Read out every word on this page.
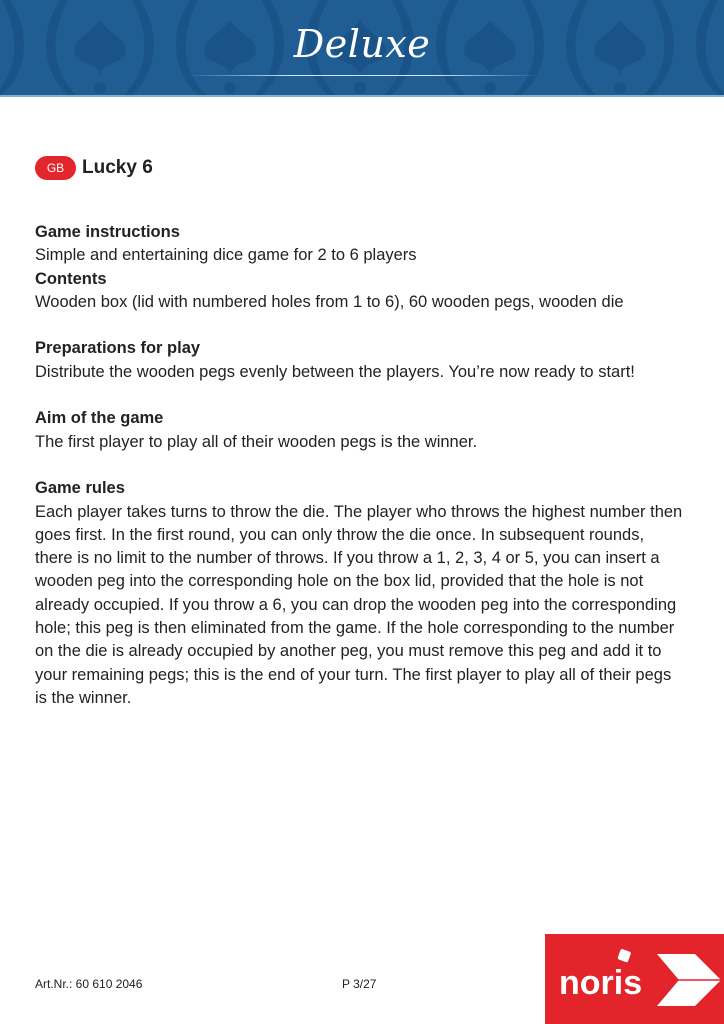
Deluxe
GB Lucky 6
Game instructions

Simple and entertaining dice game for 2 to 6 players

Contents

Wooden box (lid with numbered holes from 1 to 6), 60 wooden pegs, wooden die

Preparations for play

Distribute the wooden pegs evenly between the players. You’re now ready to start!

Aim of the game

The first player to play all of their wooden pegs is the winner.

Game rules

Each player takes turns to throw the die. The player who throws the highest number then goes first. In the first round, you can only throw the die once. In subsequent rounds, there is no limit to the number of throws. If you throw a 1, 2, 3, 4 or 5, you can insert a wooden peg into the corresponding hole on the box lid, provided that the hole is not already occupied. If you throw a 6, you can drop the wooden peg into the corresponding hole; this peg is then eliminated from the game. If the hole corresponding to the number on the die is already occupied by another peg, you must remove this peg and add it to your remaining pegs; this is the end of your turn. The first player to play all of their pegs is the winner.

Art.Nr.: 60 610 2046	P 3/27	noris
